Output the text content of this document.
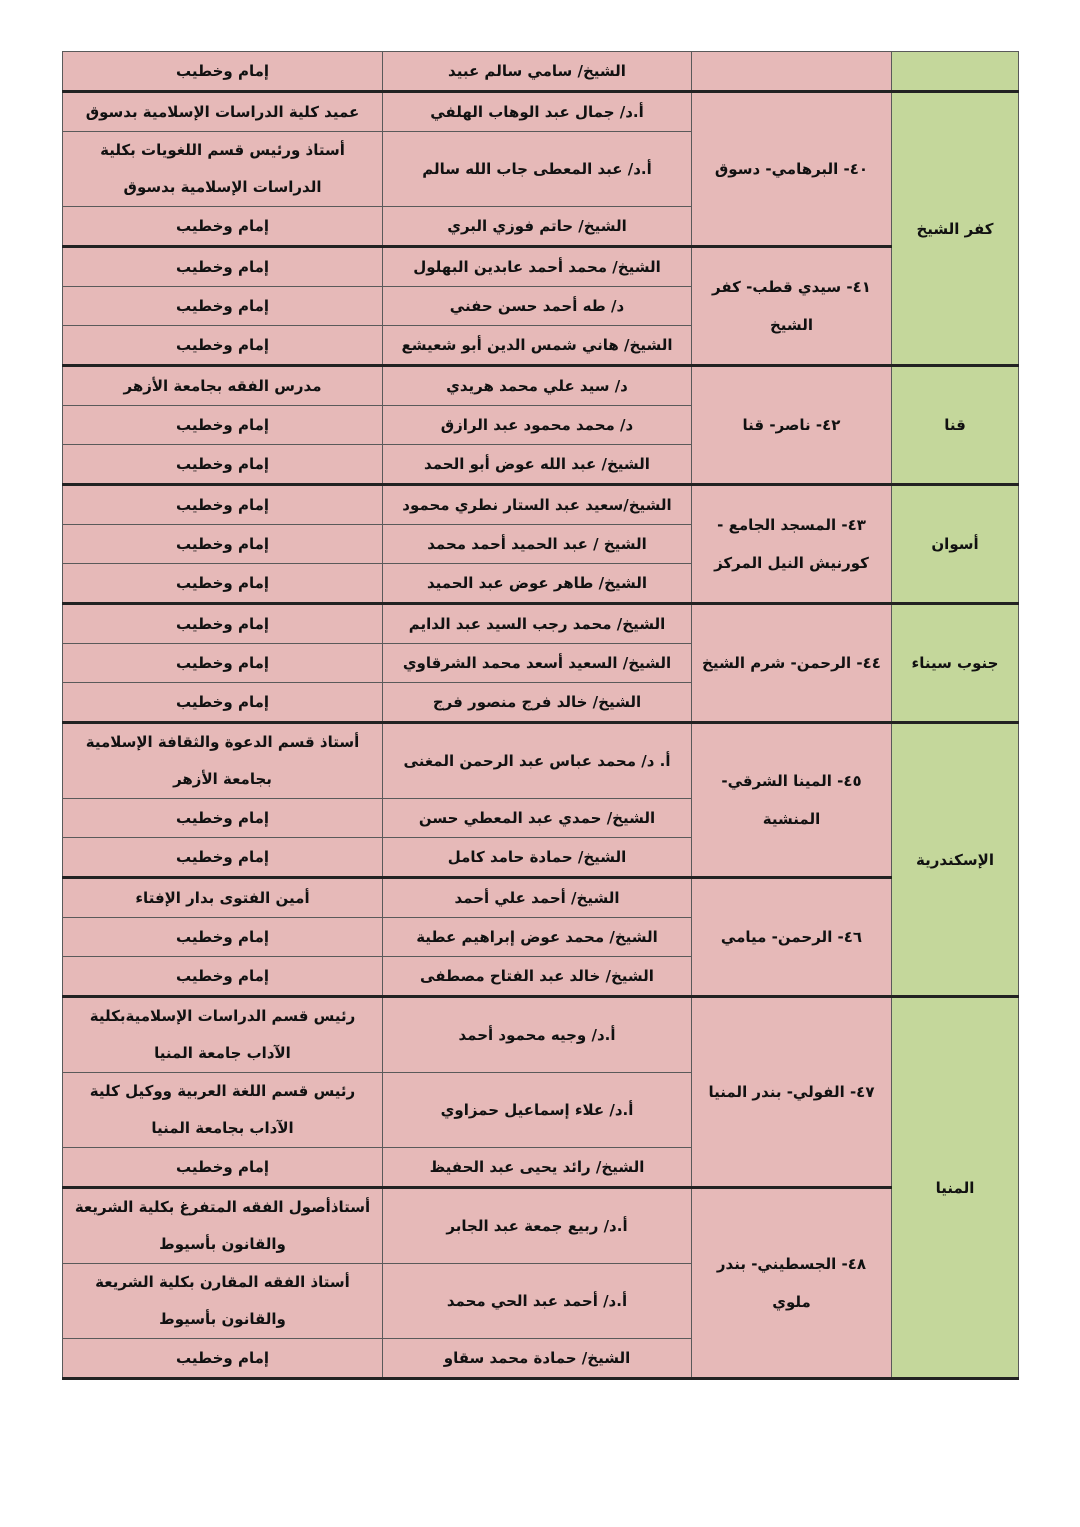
		الشيخ/ سامي سالم عبيد	إمام وخطيب
كفر الشيخ	٤٠- البرهامي- دسوق	أ.د/ جمال عبد الوهاب الهلفي	عميد كلية الدراسات الإسلامية بدسوق
		أ.د/ عبد المعطى جاب الله سالم	أستاذ ورئيس قسم اللغويات بكلية الدراسات الإسلامية بدسوق
		الشيخ/ حاتم فوزي البري	إمام وخطيب
	٤١- سيدي قطب- كفر الشيخ	الشيخ/ محمد أحمد عابدين البهلول	إمام وخطيب
		د/ طه أحمد حسن حفني	إمام وخطيب
		الشيخ/ هاني شمس الدين أبو شعيشع	إمام وخطيب
قنا	٤٢- ناصر- قنا	د/ سيد علي محمد هريدي	مدرس الفقه بجامعة الأزهر
		د/ محمد محمود عبد الرازق	إمام وخطيب
		الشيخ/ عبد الله عوض أبو الحمد	إمام وخطيب
أسوان	٤٣- المسجد الجامع - كورنيش النيل المركز	الشيخ/سعيد عبد الستار نطري محمود	إمام وخطيب
		الشيخ / عبد الحميد أحمد محمد	إمام وخطيب
		الشيخ/ طاهر عوض عبد الحميد	إمام وخطيب
جنوب سيناء	٤٤- الرحمن- شرم الشيخ	الشيخ/ محمد رجب السيد عبد الدايم	إمام وخطيب
		الشيخ/ السعيد أسعد محمد الشرقاوي	إمام وخطيب
		الشيخ/ خالد فرج منصور فرج	إمام وخطيب
الإسكندرية	٤٥- المينا الشرقي- المنشية	أ. د/ محمد عباس عبد الرحمن المغنى	أستاذ قسم الدعوة والثقافة الإسلامية بجامعة الأزهر
		الشيخ/ حمدي عبد المعطي حسن	إمام وخطيب
		الشيخ/ حمادة حامد كامل	إمام وخطيب
	٤٦- الرحمن- ميامي	الشيخ/ أحمد علي أحمد	أمين الفتوى بدار الإفتاء
		الشيخ/ محمد عوض إبراهيم عطية	إمام وخطيب
		الشيخ/ خالد عبد الفتاح مصطفى	إمام وخطيب
المنيا	٤٧- الفولي- بندر المنيا	أ.د/ وجيه محمود أحمد	رئيس قسم الدراسات الإسلاميةبكلية الآداب جامعة المنيا
		أ.د/ علاء إسماعيل حمزاوي	رئيس قسم اللغة العربية ووكيل كلية الآداب بجامعة المنيا
		الشيخ/ رائد يحيى عبد الحفيظ	إمام وخطيب
	٤٨- الجسطيني- بندر ملوي	أ.د/ ربيع جمعة عبد الجابر	أستاذأصول الفقه المتفرغ بكلية الشريعة والقانون بأسيوط
		أ.د/ أحمد عبد الحي محمد	أستاذ الفقه المقارن بكلية الشريعة والقانون بأسيوط
		الشيخ/ حمادة محمد سقاو	إمام وخطيب
